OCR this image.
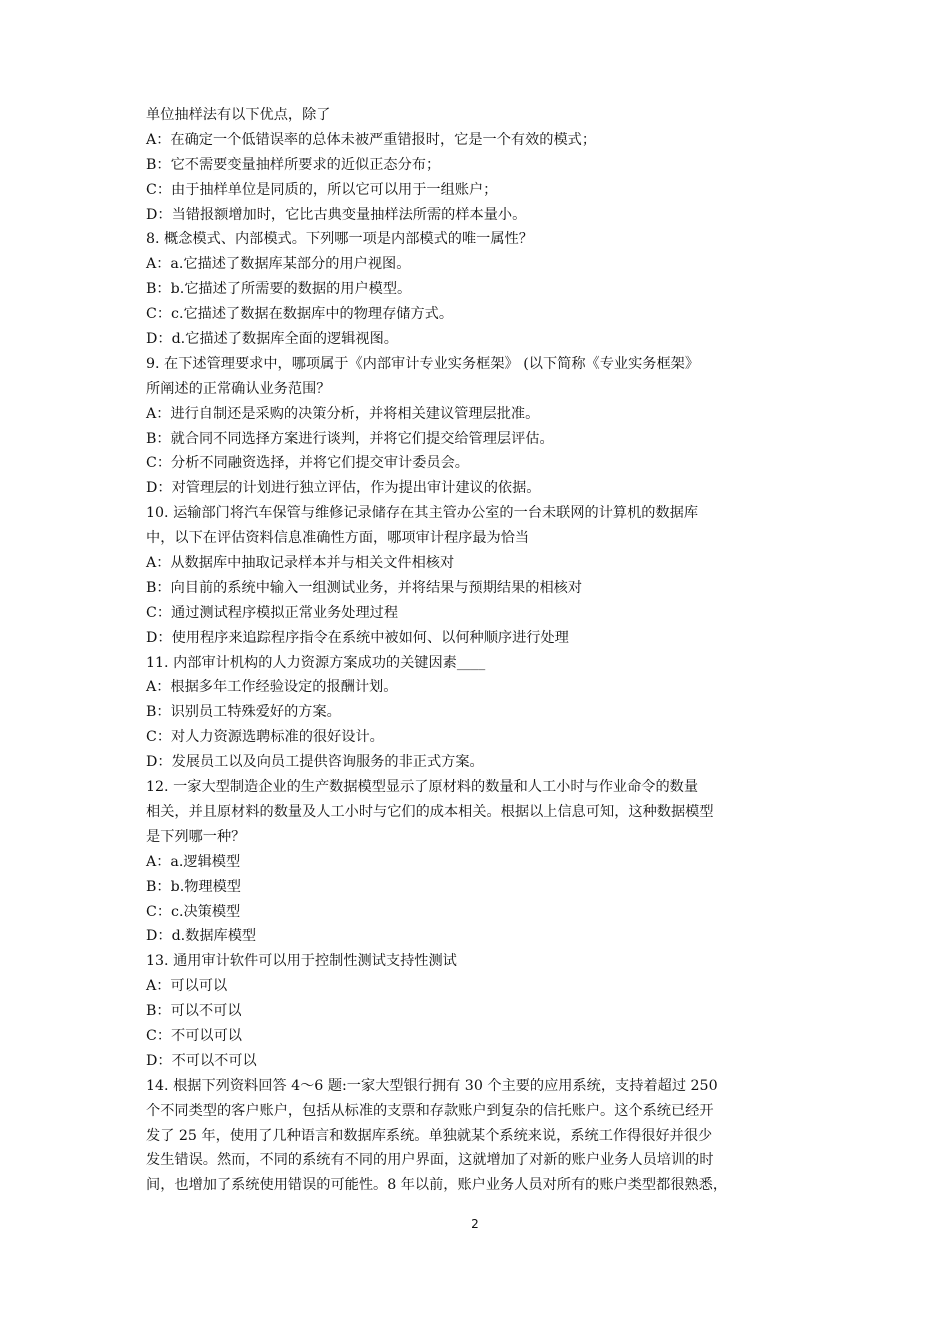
单位抽样法有以下优点，除了
A：在确定一个低错误率的总体未被严重错报时，它是一个有效的模式；
B：它不需要变量抽样所要求的近似正态分布；
C：由于抽样单位是同质的，所以它可以用于一组账户；
D：当错报额增加时，它比古典变量抽样法所需的样本量小。
8. 概念模式、内部模式。下列哪一项是内部模式的唯一属性？
A：a.它描述了数据库某部分的用户视图。
B：b.它描述了所需要的数据的用户模型。
C：c.它描述了数据在数据库中的物理存储方式。
D：d.它描述了数据库全面的逻辑视图。
9. 在下述管理要求中，哪项属于《内部审计专业实务框架》 (以下简称《专业实务框架》
所阐述的正常确认业务范围？
A：进行自制还是采购的决策分析，并将相关建议管理层批准。
B：就合同不同选择方案进行谈判，并将它们提交给管理层评估。
C：分析不同融资选择，并将它们提交审计委员会。
D：对管理层的计划进行独立评估，作为提出审计建议的依据。
10. 运输部门将汽车保管与维修记录储存在其主管办公室的一台未联网的计算机的数据库
中，以下在评估资料信息准确性方面，哪项审计程序最为恰当
A：从数据库中抽取记录样本并与相关文件相核对
B：向目前的系统中输入一组测试业务，并将结果与预期结果的相核对
C：通过测试程序模拟正常业务处理过程
D：使用程序来追踪程序指令在系统中被如何、以何种顺序进行处理
11. 内部审计机构的人力资源方案成功的关键因素____
A：根据多年工作经验设定的报酬计划。
B：识别员工特殊爱好的方案。
C：对人力资源选聘标准的很好设计。
D：发展员工以及向员工提供咨询服务的非正式方案。
12. 一家大型制造企业的生产数据模型显示了原材料的数量和人工小时与作业命令的数量
相关，并且原材料的数量及人工小时与它们的成本相关。根据以上信息可知，这种数据模型
是下列哪一种？
A：a.逻辑模型
B：b.物理模型
C：c.决策模型
D：d.数据库模型
13. 通用审计软件可以用于控制性测试支持性测试
A：可以可以
B：可以不可以
C：不可以可以
D：不可以不可以
14. 根据下列资料回答 4～6 题:一家大型银行拥有 30 个主要的应用系统，支持着超过 250
个不同类型的客户账户，包括从标准的支票和存款账户到复杂的信托账户。这个系统已经开
发了 25 年，使用了几种语言和数据库系统。单独就某个系统来说，系统工作得很好并很少
发生错误。然而，不同的系统有不同的用户界面，这就增加了对新的账户业务人员培训的时
间，也增加了系统使用错误的可能性。8 年以前，账户业务人员对所有的账户类型都很熟悉，
2
